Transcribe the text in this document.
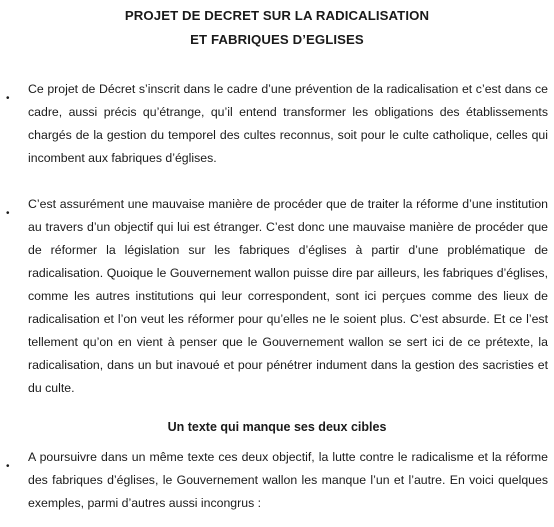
PROJET DE DECRET SUR LA RADICALISATION
ET FABRIQUES D’EGLISES
•

Ce projet de Décret s’inscrit dans le cadre d’une prévention de la radicalisation et c’est dans ce cadre, aussi précis qu’étrange, qu’il entend transformer les obligations des établissements chargés de la gestion du temporel des cultes reconnus, soit pour le culte catholique, celles qui incombent aux fabriques d’églises.

•

C’est assurément une mauvaise manière de procéder que de traiter la réforme d’une institution au travers d’un objectif qui lui est étranger. C’est donc une mauvaise manière de procéder que de réformer la législation sur les fabriques d’églises à partir d’une problématique de radicalisation. Quoique le Gouvernement wallon puisse dire par ailleurs, les fabriques d’églises, comme les autres institutions qui leur correspondent, sont ici perçues comme des lieux de radicalisation et l’on veut les réformer pour qu’elles ne le soient plus. C’est absurde. Et ce l’est tellement qu’on en vient à penser que le Gouvernement wallon se sert ici de ce prétexte, la radicalisation, dans un but inavoué et pour pénétrer indument dans la gestion des sacristies et du culte.

Un texte qui manque ses deux cibles
•

A poursuivre dans un même texte ces deux objectif, la lutte contre le radicalisme et la réforme des fabriques d’églises, le Gouvernement wallon les manque l’un et l’autre. En voici quelques exemples, parmi d’autres aussi incongrus :
